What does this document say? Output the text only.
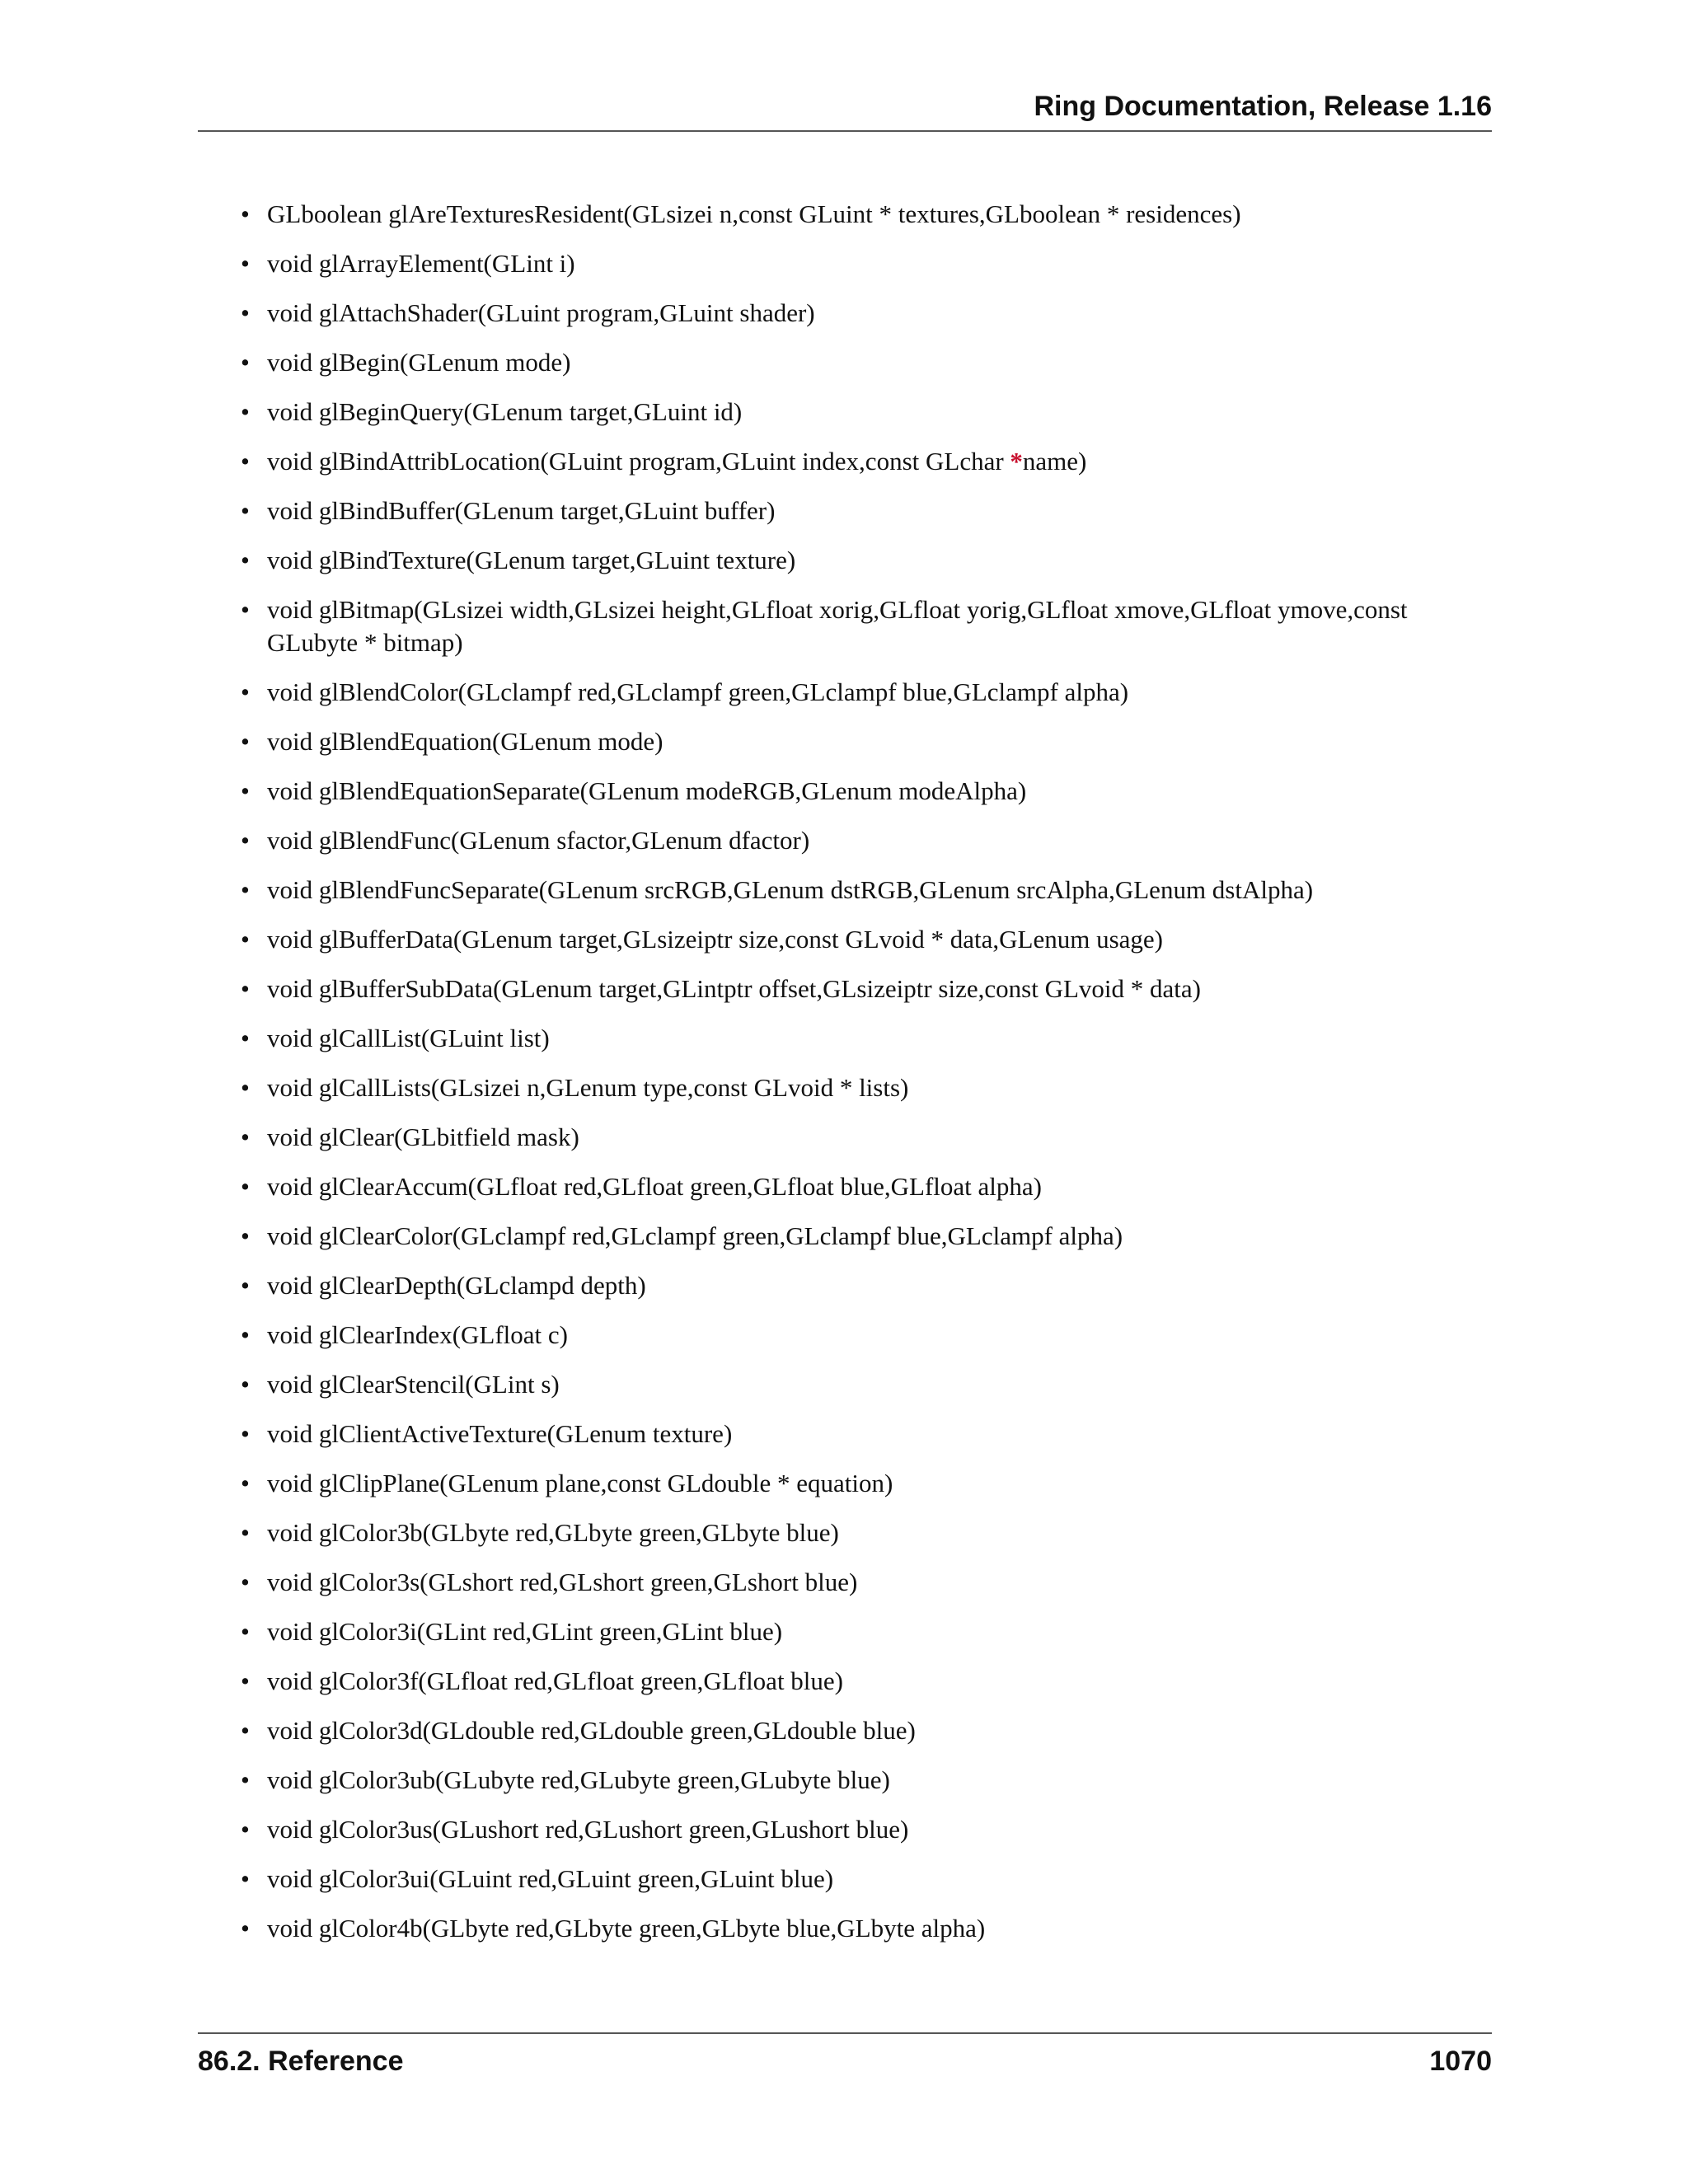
Ring Documentation, Release 1.16
• GLboolean glAreTexturesResident(GLsizei n,const GLuint * textures,GLboolean * residences)
• void glArrayElement(GLint i)
• void glAttachShader(GLuint program,GLuint shader)
• void glBegin(GLenum mode)
• void glBeginQuery(GLenum target,GLuint id)
• void glBindAttribLocation(GLuint program,GLuint index,const GLchar *name)
• void glBindBuffer(GLenum target,GLuint buffer)
• void glBindTexture(GLenum target,GLuint texture)
• void glBitmap(GLsizei width,GLsizei height,GLfloat xorig,GLfloat yorig,GLfloat xmove,GLfloat ymove,const GLubyte * bitmap)
• void glBlendColor(GLclampf red,GLclampf green,GLclampf blue,GLclampf alpha)
• void glBlendEquation(GLenum mode)
• void glBlendEquationSeparate(GLenum modeRGB,GLenum modeAlpha)
• void glBlendFunc(GLenum sfactor,GLenum dfactor)
• void glBlendFuncSeparate(GLenum srcRGB,GLenum dstRGB,GLenum srcAlpha,GLenum dstAlpha)
• void glBufferData(GLenum target,GLsizeiptr size,const GLvoid * data,GLenum usage)
• void glBufferSubData(GLenum target,GLintptr offset,GLsizeiptr size,const GLvoid * data)
• void glCallList(GLuint list)
• void glCallLists(GLsizei n,GLenum type,const GLvoid * lists)
• void glClear(GLbitfield mask)
• void glClearAccum(GLfloat red,GLfloat green,GLfloat blue,GLfloat alpha)
• void glClearColor(GLclampf red,GLclampf green,GLclampf blue,GLclampf alpha)
• void glClearDepth(GLclampd depth)
• void glClearIndex(GLfloat c)
• void glClearStencil(GLint s)
• void glClientActiveTexture(GLenum texture)
• void glClipPlane(GLenum plane,const GLdouble * equation)
• void glColor3b(GLbyte red,GLbyte green,GLbyte blue)
• void glColor3s(GLshort red,GLshort green,GLshort blue)
• void glColor3i(GLint red,GLint green,GLint blue)
• void glColor3f(GLfloat red,GLfloat green,GLfloat blue)
• void glColor3d(GLdouble red,GLdouble green,GLdouble blue)
• void glColor3ub(GLubyte red,GLubyte green,GLubyte blue)
• void glColor3us(GLushort red,GLushort green,GLushort blue)
• void glColor3ui(GLuint red,GLuint green,GLuint blue)
• void glColor4b(GLbyte red,GLbyte green,GLbyte blue,GLbyte alpha)
86.2. Reference	1070
